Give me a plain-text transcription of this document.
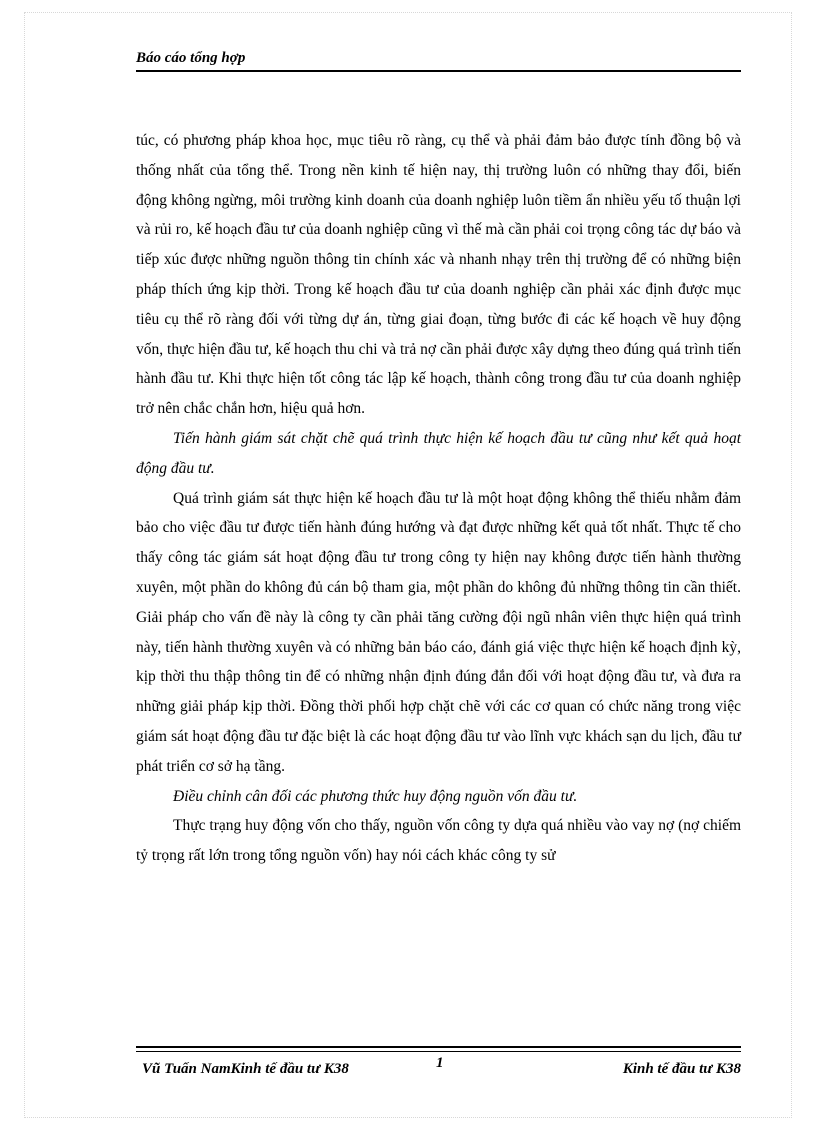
Báo cáo tổng hợp

túc, có phương pháp khoa học, mục tiêu rõ ràng, cụ thể và phải đảm bảo được tính đồng bộ và thống nhất của tổng thể. Trong nền kinh tế hiện nay, thị trường luôn có những thay đổi, biến động không ngừng, môi trường kinh doanh của doanh nghiệp luôn tiềm ẩn nhiều yếu tố thuận lợi và rủi ro, kế hoạch đầu tư của doanh nghiệp cũng vì thế mà cần phải coi trọng công tác dự báo và tiếp xúc được những nguồn thông tin chính xác và nhanh nhạy trên thị trường để có những biện pháp thích ứng kịp thời. Trong kế hoạch đầu tư của doanh nghiệp cần phải xác định được mục tiêu cụ thể rõ ràng đối với từng dự án, từng giai đoạn, từng bước đi các kế hoạch về huy động vốn, thực hiện đầu tư, kế hoạch thu chi và trả nợ cần phải được xây dựng theo đúng quá trình tiến hành đầu tư. Khi thực hiện tốt công tác lập kế hoạch, thành công trong đầu tư của doanh nghiệp trở nên chắc chắn hơn, hiệu quả hơn.

Tiến hành giám sát chặt chẽ quá trình thực hiện kế hoạch đầu tư cũng như kết quả hoạt động đầu tư.

Quá trình giám sát thực hiện kế hoạch đầu tư là một hoạt động không thể thiếu nhằm đảm bảo cho việc đầu tư được tiến hành đúng hướng và đạt được những kết quả tốt nhất. Thực tế cho thấy công tác giám sát hoạt động đầu tư trong công ty hiện nay không được tiến hành thường xuyên, một phần do không đủ cán bộ tham gia, một phần do không đủ những thông tin cần thiết. Giải pháp cho vấn đề này là công ty cần phải tăng cường đội ngũ nhân viên thực hiện quá trình này, tiến hành thường xuyên và có những bản báo cáo, đánh giá việc thực hiện kế hoạch định kỳ, kịp thời thu thập thông tin để có những nhận định đúng đắn đối với hoạt động đầu tư, và đưa ra những giải pháp kịp thời. Đồng thời phối hợp chặt chẽ với các cơ quan có chức năng trong việc giám sát hoạt động đầu tư đặc biệt là các hoạt động đầu tư vào lĩnh vực khách sạn du lịch, đầu tư phát triển cơ sở hạ tầng.

Điều chỉnh cân đối các phương thức huy động nguồn vốn đầu tư.

Thực trạng huy động vốn cho thấy, nguồn vốn công ty dựa quá nhiều vào vay nợ (nợ chiếm tỷ trọng rất lớn trong tổng nguồn vốn) hay nói cách khác công ty sử

Vũ Tuấn NamKinh tế đầu tư K38	1	Kinh tế đầu tư K38
